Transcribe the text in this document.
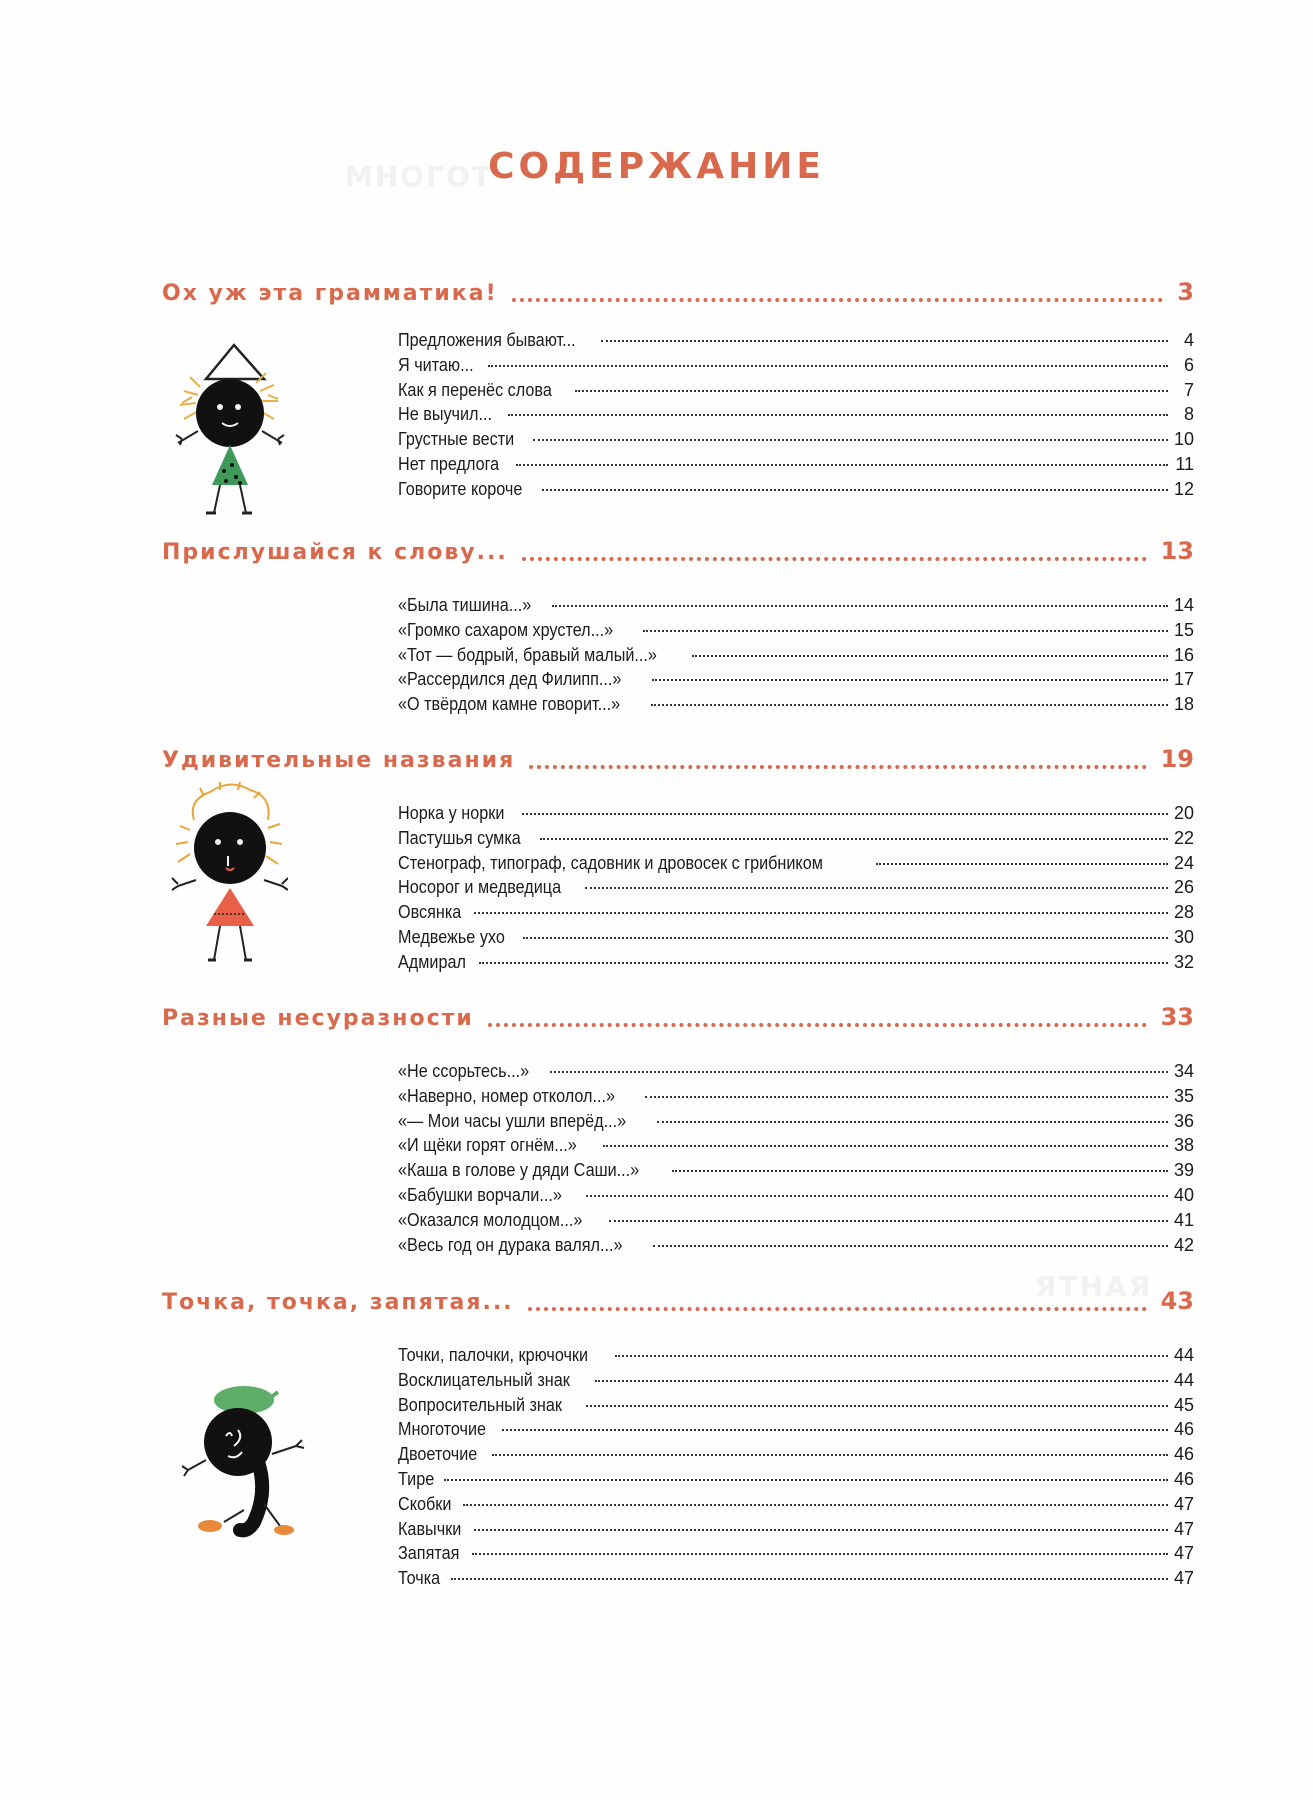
МНОГОТ
ЯТНАЯ
СОДЕРЖАНИЕ
Ох уж эта грамматика!	3
Предложения бывают...	4
Я читаю...	6
Как я перенёс слова	7
Не выучил...	8
Грустные вести	10
Нет предлога	11
Говорите короче	12
Прислушайся к слову...	13
«Была тишина...»	14
«Громко сахаром хрустел...»	15
«Тот — бодрый, бравый малый...»	16
«Рассердился дед Филипп...»	17
«О твёрдом камне говорит...»	18
Удивительные названия	19
Норка у норки	20
Пастушья сумка	22
Стенограф, типограф, садовник и дровосек с грибником	24
Носорог и медведица	26
Овсянка	28
Медвежье ухо	30
Адмирал	32
Разные несуразности	33
«Не ссорьтесь...»	34
«Наверно, номер отколол...»	35
«— Мои часы ушли вперёд...»	36
«И щёки горят огнём...»	38
«Каша в голове у дяди Саши...»	39
«Бабушки ворчали...»	40
«Оказался молодцом...»	41
«Весь год он дурака валял...»	42
Точка, точка, запятая...	43
Точки, палочки, крючочки	44
Восклицательный знак	44
Вопросительный знак	45
Многоточие	46
Двоеточие	46
Тире	46
Скобки	47
Кавычки	47
Запятая	47
Точка	47
